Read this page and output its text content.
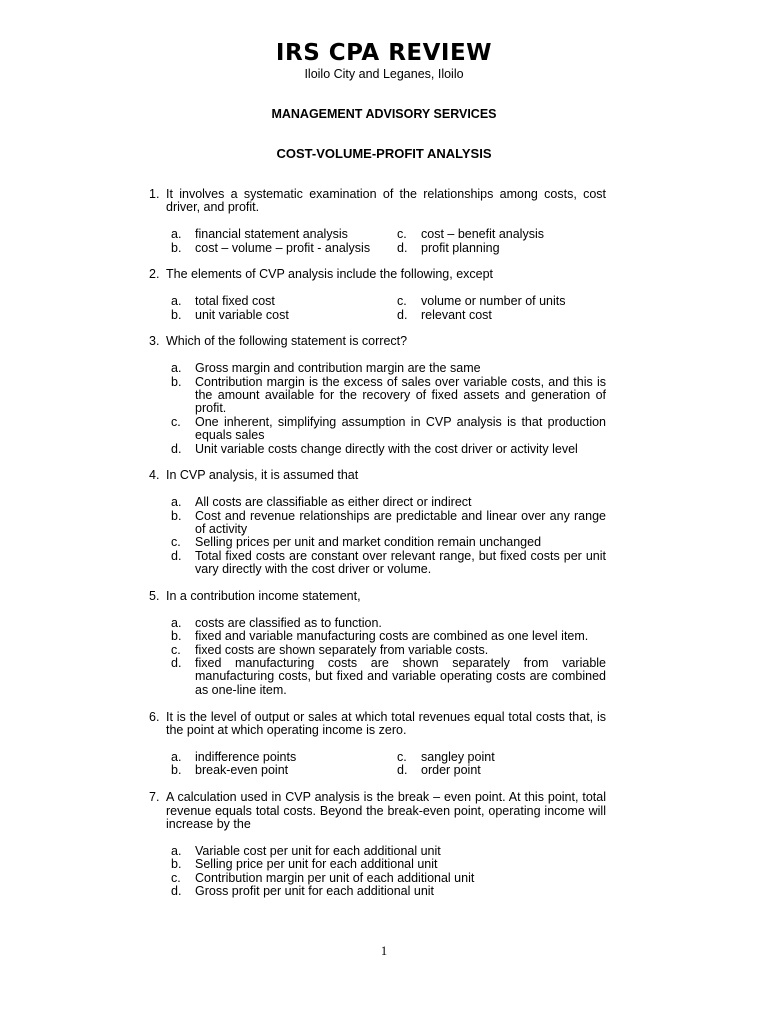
IRS CPA REVIEW
Iloilo City and Leganes, Iloilo
MANAGEMENT ADVISORY SERVICES
COST-VOLUME-PROFIT ANALYSIS
1. It involves a systematic examination of the relationships among costs, cost driver, and profit.
a.	financial statement analysis	c.	cost – benefit analysis
b.	cost – volume – profit - analysis d.	profit planning
2. The elements of CVP analysis include the following, except
a.	total fixed cost	c.	volume or number of units
b.	unit variable cost	d.	relevant cost
3. Which of the following statement is correct?
a.	Gross margin and contribution margin are the same
b.	Contribution margin is the excess of sales over variable costs, and this is the amount available for the recovery of fixed assets and generation of profit.
c.	One inherent, simplifying assumption in CVP analysis is that production equals sales
d.	Unit variable costs change directly with the cost driver or activity level
4. In CVP analysis, it is assumed that
a.	All costs are classifiable as either direct or indirect
b.	Cost and revenue relationships are predictable and linear over any range of activity
c.	Selling prices per unit and market condition remain unchanged
d.	Total fixed costs are constant over relevant range, but fixed costs per unit vary directly with the cost driver or volume.
5. In a contribution income statement,
a.	costs are classified as to function.
b.	fixed and variable manufacturing costs are combined as one level item.
c.	fixed costs are shown separately from variable costs.
d.	fixed manufacturing costs are shown separately from variable manufacturing costs, but fixed and variable operating costs are combined as one-line item.
6. It is the level of output or sales at which total revenues equal total costs that, is the point at which operating income is zero.
a.	indifference points	c.	sangley point
b.	break-even point	d.	order point
7. A calculation used in CVP analysis is the break – even point. At this point, total revenue equals total costs. Beyond the break-even point, operating income will increase by the
a.	Variable cost per unit for each additional unit
b.	Selling price per unit for each additional unit
c.	Contribution margin per unit of each additional unit
d.	Gross profit per unit for each additional unit
1
